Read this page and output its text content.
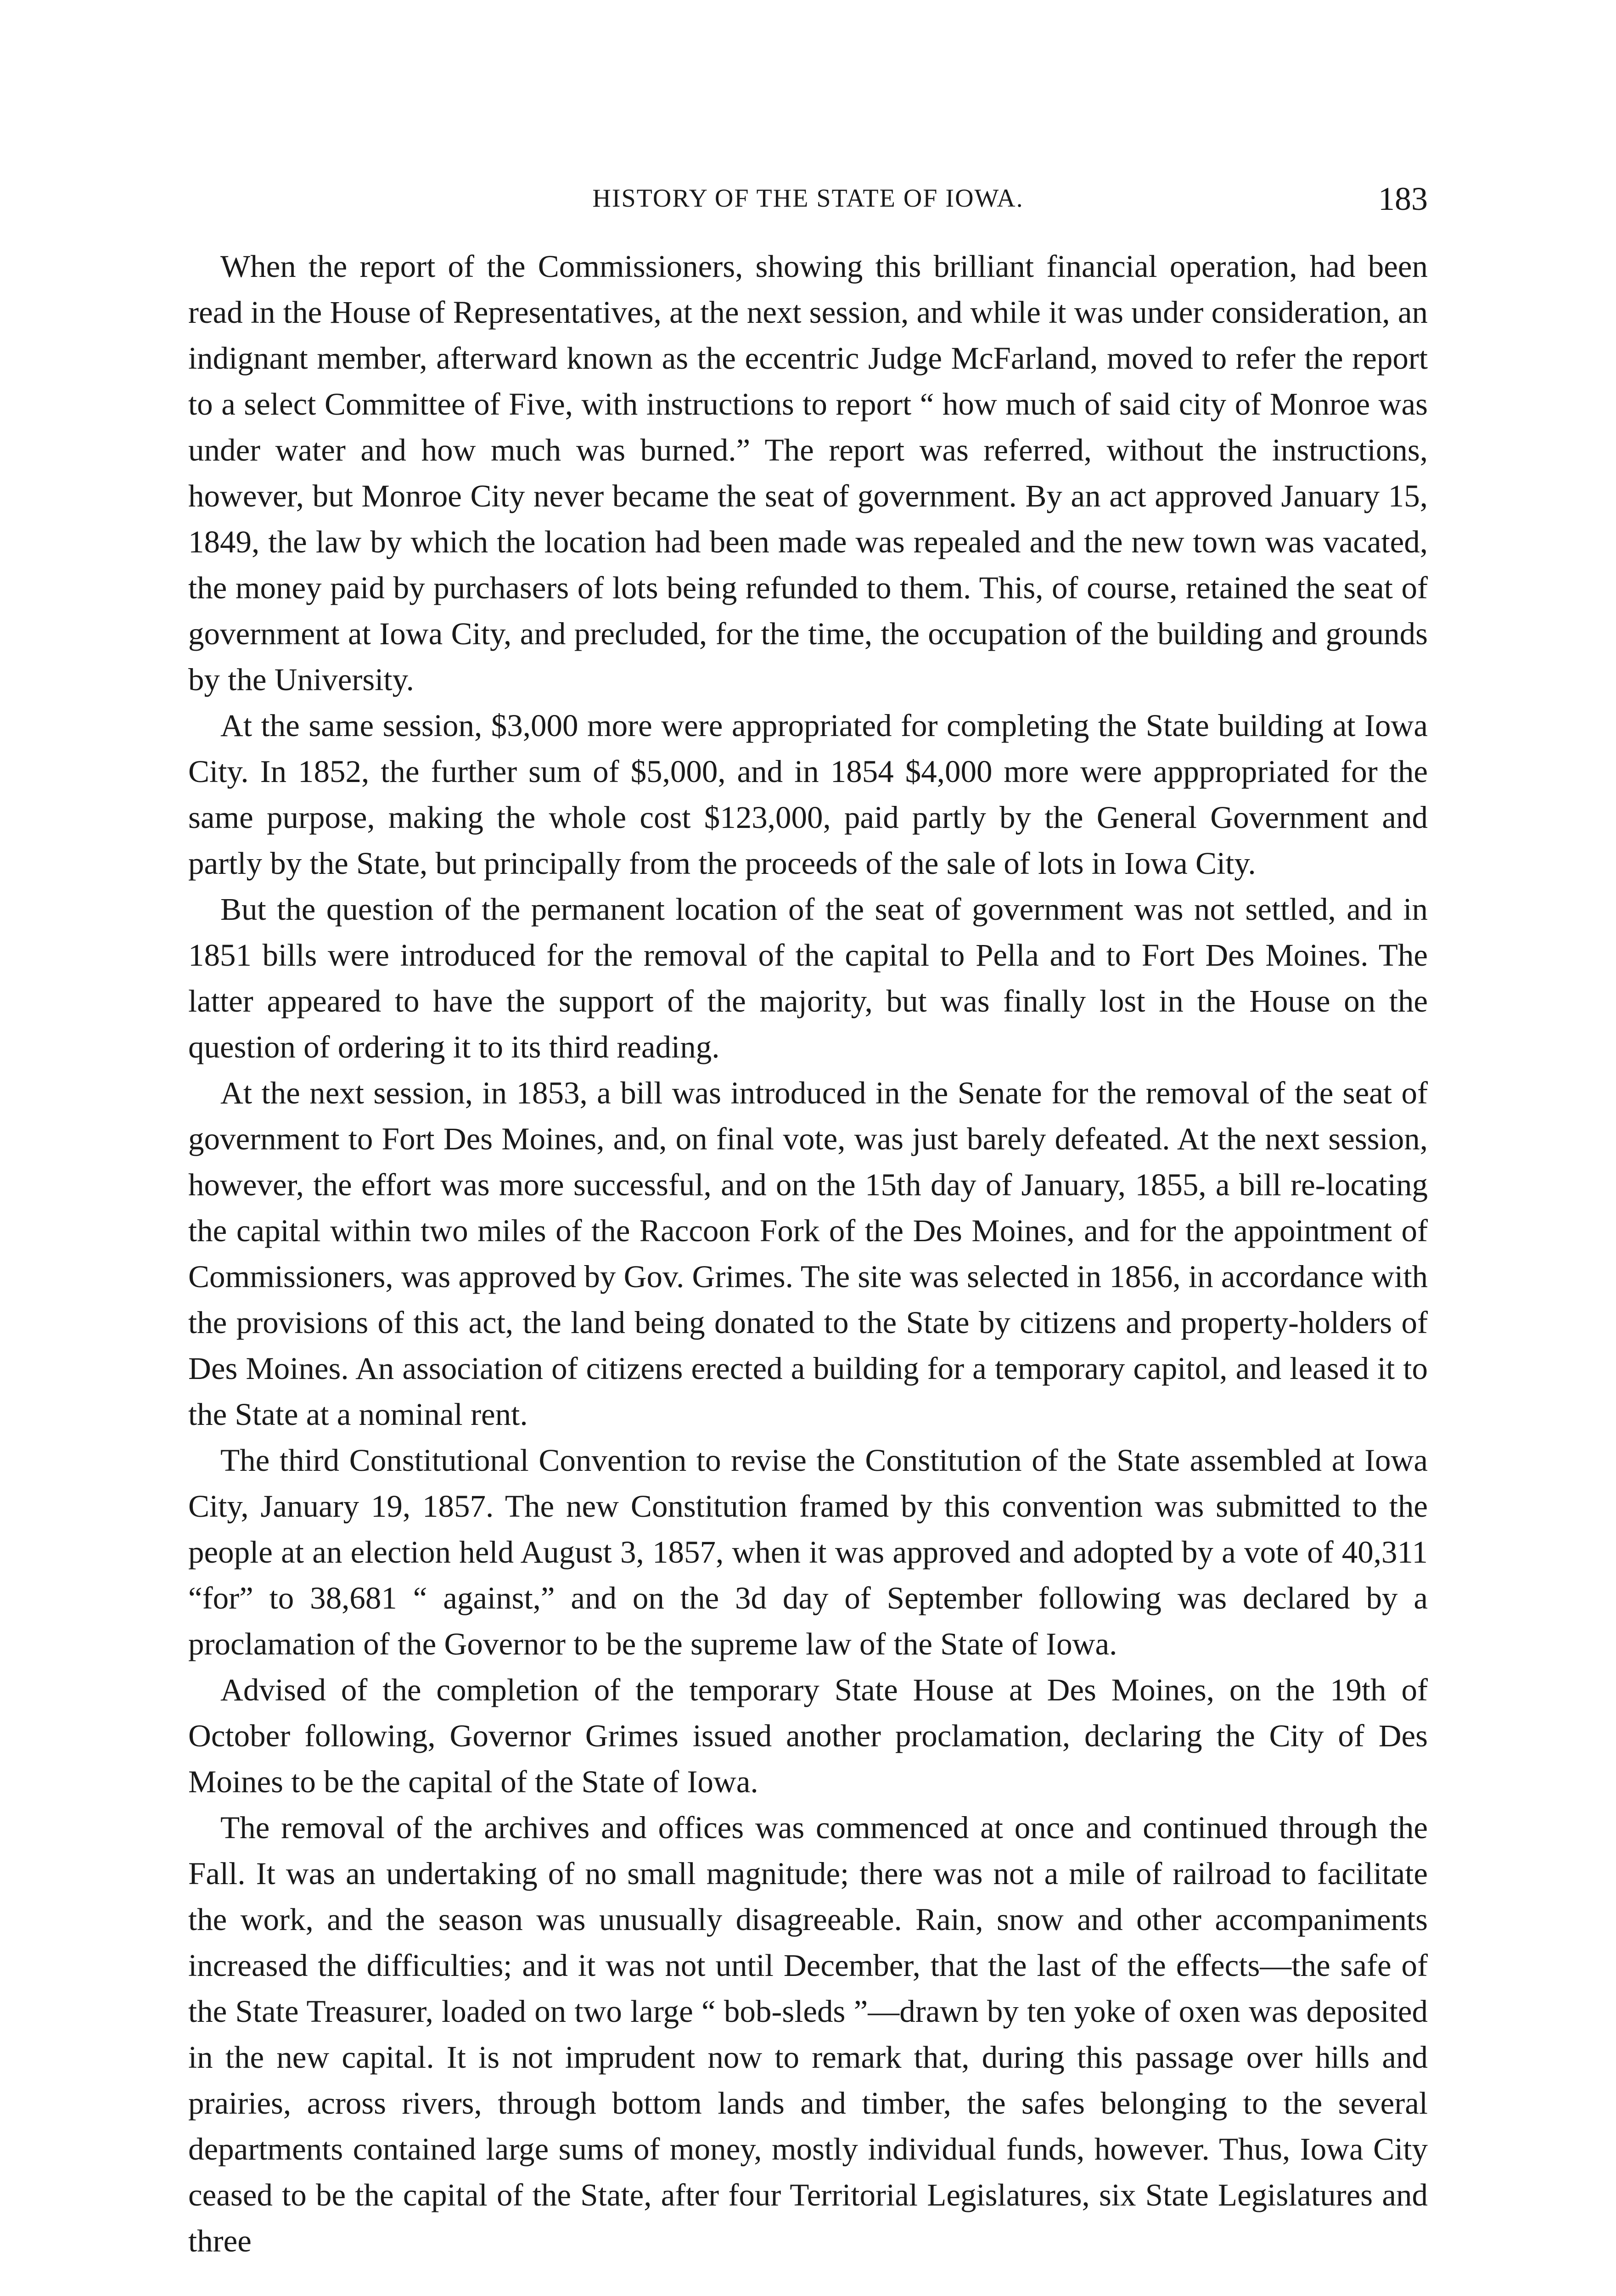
HISTORY OF THE STATE OF IOWA.	183

When the report of the Commissioners, showing this brilliant financial operation, had been read in the House of Representatives, at the next session, and while it was under consideration, an indignant member, afterward known as the eccentric Judge McFarland, moved to refer the report to a select Committee of Five, with instructions to report “ how much of said city of Monroe was under water and how much was burned.” The report was referred, without the instructions, however, but Monroe City never became the seat of government. By an act approved January 15, 1849, the law by which the location had been made was repealed and the new town was vacated, the money paid by purchasers of lots being refunded to them. This, of course, retained the seat of government at Iowa City, and precluded, for the time, the occupation of the building and grounds by the University.

At the same session, $3,000 more were appropriated for completing the State building at Iowa City. In 1852, the further sum of $5,000, and in 1854 $4,000 more were apppropriated for the same purpose, making the whole cost $123,000, paid partly by the General Government and partly by the State, but principally from the proceeds of the sale of lots in Iowa City.

But the question of the permanent location of the seat of government was not settled, and in 1851 bills were introduced for the removal of the capital to Pella and to Fort Des Moines. The latter appeared to have the support of the majority, but was finally lost in the House on the question of ordering it to its third reading.

At the next session, in 1853, a bill was introduced in the Senate for the removal of the seat of government to Fort Des Moines, and, on final vote, was just barely defeated. At the next session, however, the effort was more successful, and on the 15th day of January, 1855, a bill re-locating the capital within two miles of the Raccoon Fork of the Des Moines, and for the appointment of Commissioners, was approved by Gov. Grimes. The site was selected in 1856, in accordance with the provisions of this act, the land being donated to the State by citizens and property-holders of Des Moines. An association of citizens erected a building for a temporary capitol, and leased it to the State at a nominal rent.

The third Constitutional Convention to revise the Constitution of the State assembled at Iowa City, January 19, 1857. The new Constitution framed by this convention was submitted to the people at an election held August 3, 1857, when it was approved and adopted by a vote of 40,311 “for” to 38,681 “ against,” and on the 3d day of September following was declared by a proclamation of the Governor to be the supreme law of the State of Iowa.

Advised of the completion of the temporary State House at Des Moines, on the 19th of October following, Governor Grimes issued another proclamation, declaring the City of Des Moines to be the capital of the State of Iowa.

The removal of the archives and offices was commenced at once and continued through the Fall. It was an undertaking of no small magnitude; there was not a mile of railroad to facilitate the work, and the season was unusually disagreeable. Rain, snow and other accompaniments increased the difficulties; and it was not until December, that the last of the effects—the safe of the State Treasurer, loaded on two large “ bob-sleds ”—drawn by ten yoke of oxen was deposited in the new capital. It is not imprudent now to remark that, during this passage over hills and prairies, across rivers, through bottom lands and timber, the safes belonging to the several departments contained large sums of money, mostly individual funds, however. Thus, Iowa City ceased to be the capital of the State, after four Territorial Legislatures, six State Legislatures and three
